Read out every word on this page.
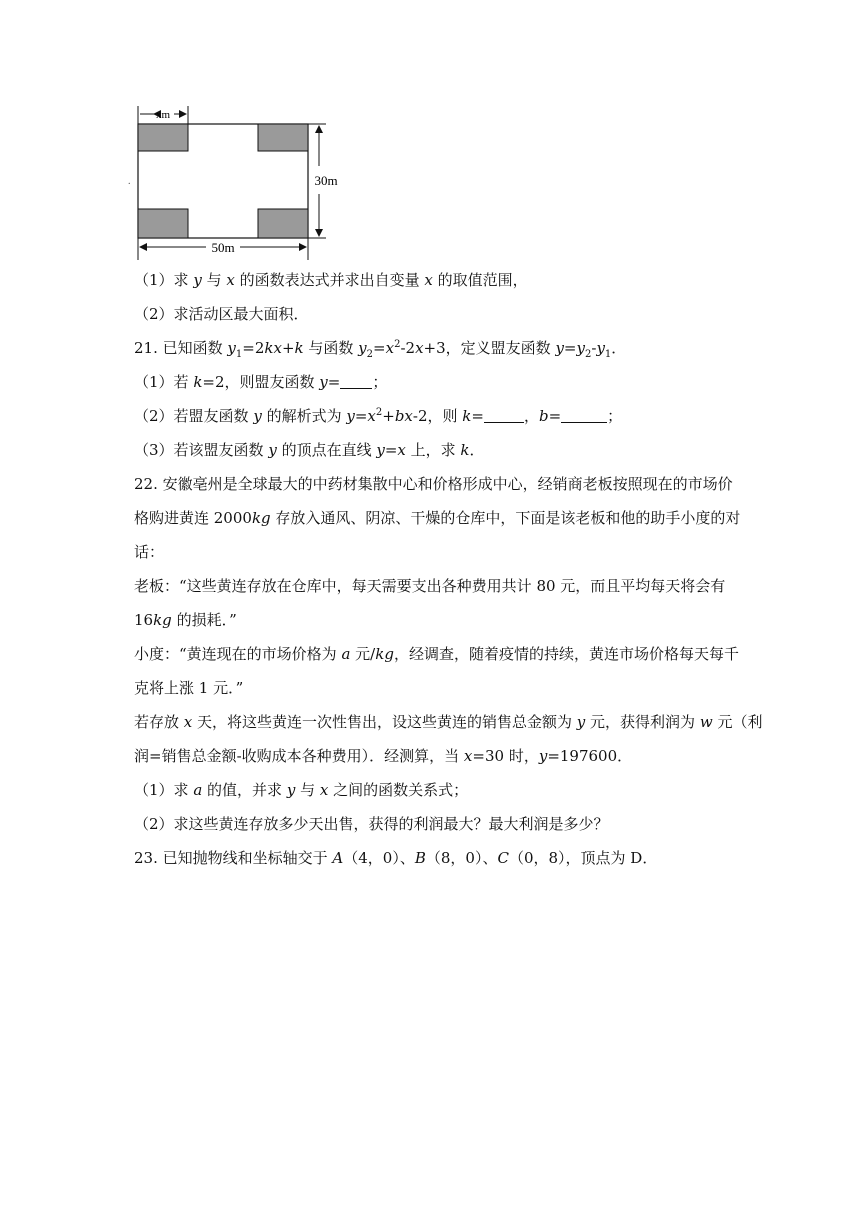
xm
30m
50m
.
（1）求 y 与 x 的函数表达式并求出自变量 x 的取值范围，
（2）求活动区最大面积．
21. 已知函数 $y_1=2kx+k$ 与函数 $y_2=x^2-2x+3$，定义盟友函数 $y=y_2-y_1$．
（1）若 k=2，则盟友函数 y= ；
（2）若盟友函数 y 的解析式为 $y=x^2+bx-2$，则 k=	，b=	；
（3）若该盟友函数 y 的顶点在直线 y=x 上，求 k．
22. 安徽亳州是全球最大的中药材集散中心和价格形成中心，经销商老板按照现在的市场价
格购进黄连 2000kg 存放入通风、阴凉、干燥的仓库中，下面是该老板和他的助手小度的对
话：
老板：“这些黄连存放在仓库中，每天需要支出各种费用共计 80 元，而且平均每天将会有
16kg 的损耗．”
小度：“黄连现在的市场价格为 a 元/kg，经调查，随着疫情的持续，黄连市场价格每天每千
克将上涨 1 元．”
若存放 x 天，将这些黄连一次性售出，设这些黄连的销售总金额为 y 元，获得利润为 w 元（利
润=销售总金额-收购成本各种费用）．经测算，当 x=30 时，y=197600．
（1）求 a 的值，并求 y 与 x 之间的函数关系式；
（2）求这些黄连存放多少天出售，获得的利润最大？最大利润是多少？
23. 已知抛物线和坐标轴交于 A（4，0）、B（8，0）、C（0，8），顶点为 D．
